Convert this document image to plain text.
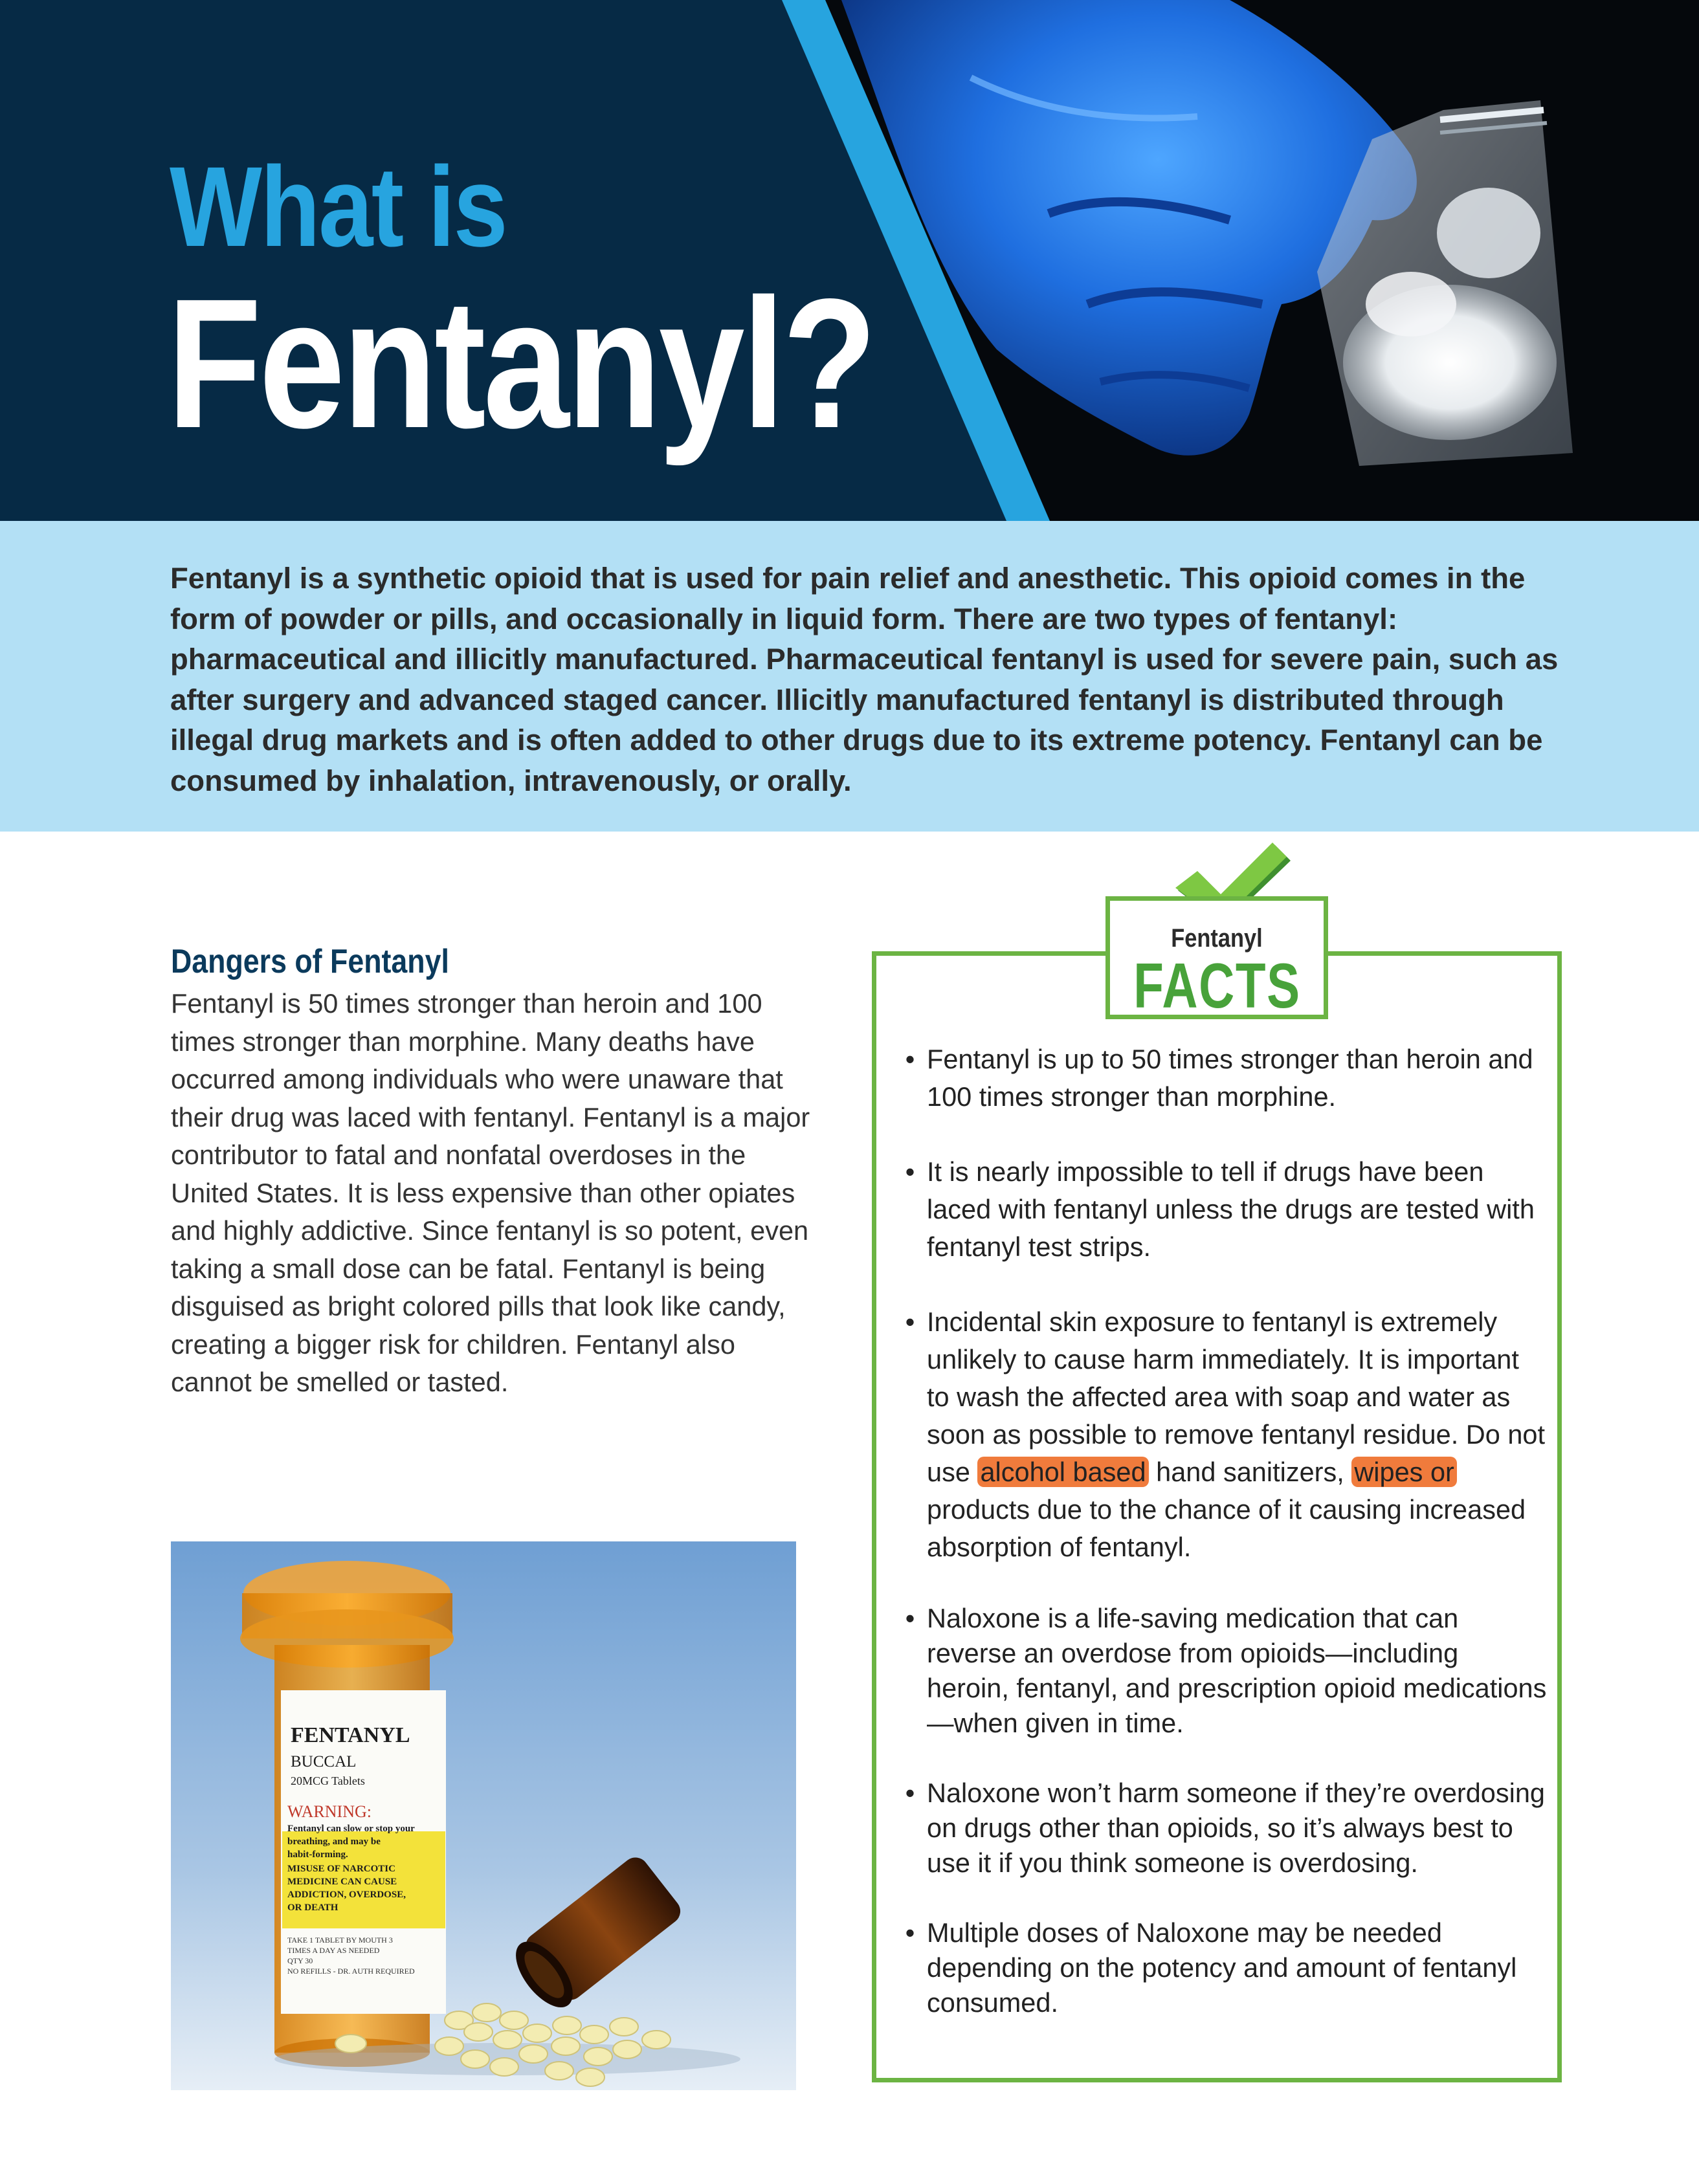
What is
Fentanyl?

Fentanyl is a synthetic opioid that is used for pain relief and anesthetic. This opioid comes in the form of powder or pills, and occasionally in liquid form. There are two types of fentanyl: pharmaceutical and illicitly manufactured. Pharmaceutical fentanyl is used for severe pain, such as after surgery and advanced staged cancer. Illicitly manufactured fentanyl is distributed through illegal drug markets and is often added to other drugs due to its extreme potency. Fentanyl can be consumed by inhalation, intravenously, or orally.

Dangers of Fentanyl

Fentanyl is 50 times stronger than heroin and 100 times stronger than morphine. Many deaths have occurred among individuals who were unaware that their drug was laced with fentanyl. Fentanyl is a major contributor to fatal and nonfatal overdoses in the United States. It is less expensive than other opiates and highly addictive. Since fentanyl is so potent, even taking a small dose can be fatal. Fentanyl is being disguised as bright colored pills that look like candy, creating a bigger risk for children. Fentanyl also cannot be smelled or tasted.

FENTANYL
BUCCAL
20MCG Tablets
WARNING:
Fentanyl can slow or stop your
breathing, and may be
habit-forming.
MISUSE OF NARCOTIC
MEDICINE CAN CAUSE
ADDICTION, OVERDOSE,
OR DEATH
TAKE 1 TABLET BY MOUTH 3
TIMES A DAY AS NEEDED
QTY 30
NO REFILLS - DR. AUTH REQUIRED
Fentanyl
FACTS
• Fentanyl is up to 50 times stronger than heroin and 100 times stronger than morphine.
• It is nearly impossible to tell if drugs have been laced with fentanyl unless the drugs are tested with fentanyl test strips.
• Incidental skin exposure to fentanyl is extremely unlikely to cause harm immediately. It is important to wash the affected area with soap and water as soon as possible to remove fentanyl residue. Do not use alcohol based hand sanitizers, wipes or products due to the chance of it causing increased absorption of fentanyl.
• Naloxone is a life-saving medication that can reverse an overdose from opioids—including heroin, fentanyl, and prescription opioid medications—when given in time.
• Naloxone won’t harm someone if they’re overdosing on drugs other than opioids, so it’s always best to use it if you think someone is overdosing.
• Multiple doses of Naloxone may be needed depending on the potency and amount of fentanyl consumed.
